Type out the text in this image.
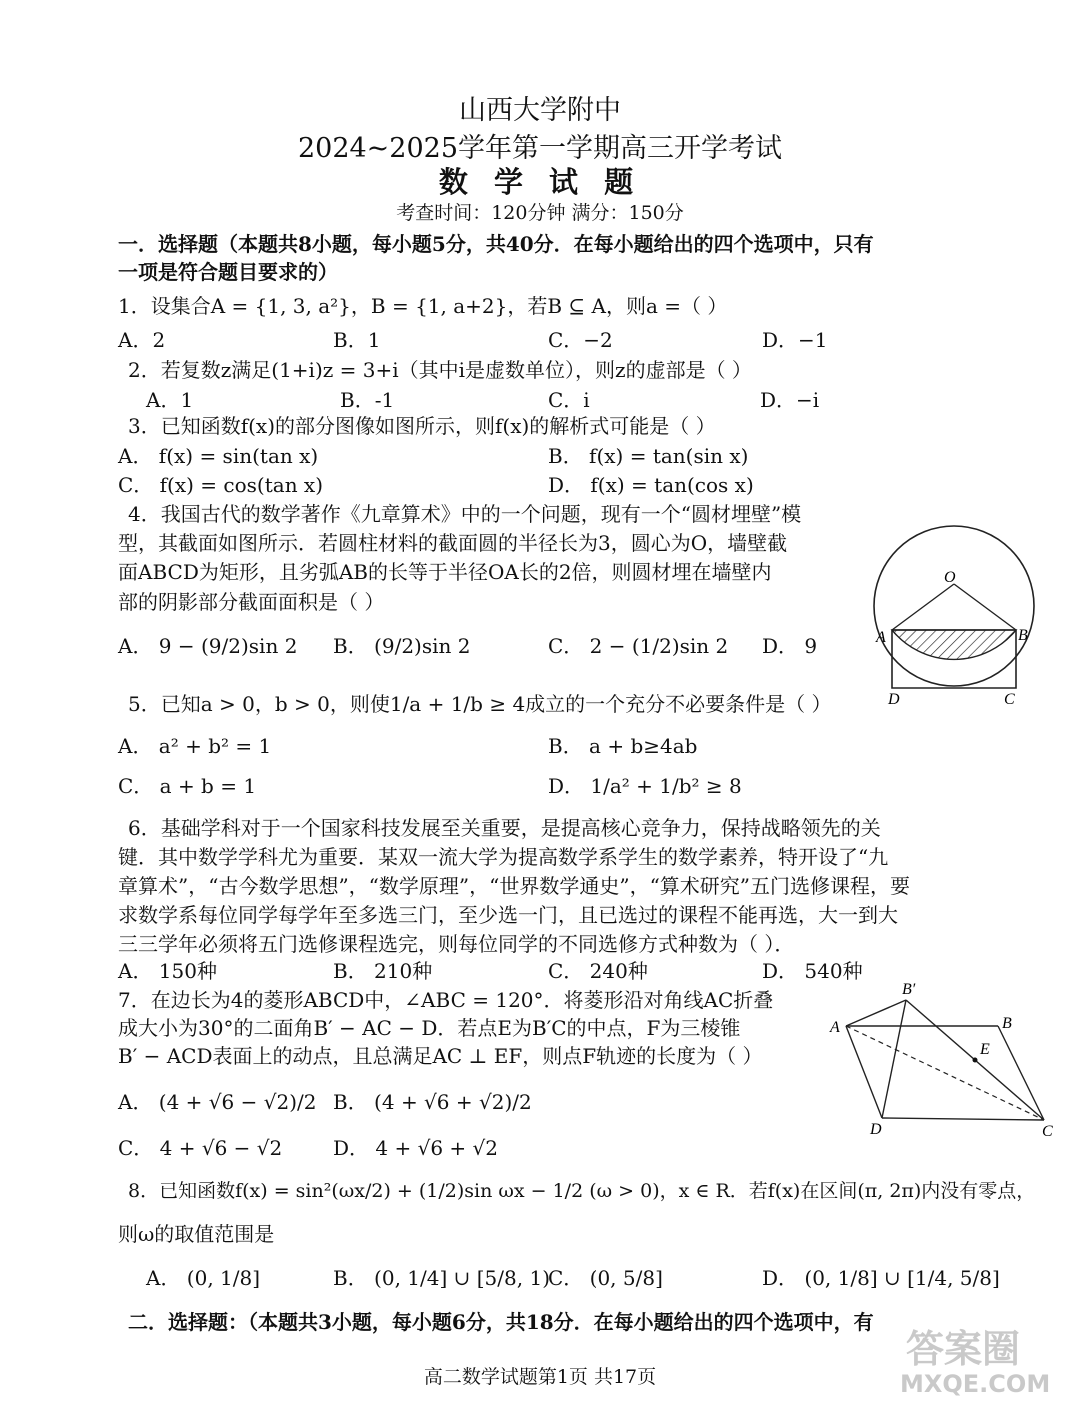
山西大学附中
2024~2025学年第一学期高三开学考试
数 学 试 题
考查时间：120分钟 满分：150分
一．选择题（本题共8小题，每小题5分，共40分．在每小题给出的四个选项中，只有
一项是符合题目要求的）
1．设集合A = {1, 3, a²}，B = {1, a+2}，若B ⊆ A，则a =（ ）
A．2	B．1	C．−2	D．−1
2．若复数z满足(1+i)z = 3+i（其中i是虚数单位），则z的虚部是（ ）
A．1	B．-1	C．i	D．−i
3．已知函数f(x)的部分图像如图所示，则f(x)的解析式可能是（ ）
A． f(x) = sin(tan x)	B． f(x) = tan(sin x)
C． f(x) = cos(tan x)	D． f(x) = tan(cos x)
4．我国古代的数学著作《九章算术》中的一个问题，现有一个“圆材埋壁”模
型，其截面如图所示．若圆柱材料的截面圆的半径长为3，圆心为O，墙壁截
面ABCD为矩形，且劣弧AB的长等于半径OA长的2倍，则圆材埋在墙壁内
部的阴影部分截面面积是（ ）
A． 9 − (9/2)sin 2 B． (9/2)sin 2	C． 2 − (1/2)sin 2 D． 9
O
A	B
D	C
5．已知a > 0，b > 0，则使1/a + 1/b ≥ 4成立的一个充分不必要条件是（ ）
A． a² + b² = 1	B． a + b≥4ab
C． a + b = 1	D． 1/a² + 1/b² ≥ 8
6．基础学科对于一个国家科技发展至关重要，是提高核心竞争力，保持战略领先的关
键．其中数学学科尤为重要．某双一流大学为提高数学系学生的数学素养，特开设了“九
章算术”，“古今数学思想”，“数学原理”，“世界数学通史”，“算术研究”五门选修课程，要
求数学系每位同学每学年至多选三门，至少选一门，且已选过的课程不能再选，大一到大
三三学年必须将五门选修课程选完，则每位同学的不同选修方式种数为（ ）．
A． 150种	B． 210种	C． 240种	D． 540种
7．在边长为4的菱形ABCD中，∠ABC = 120°．将菱形沿对角线AC折叠
成大小为30°的二面角B′ − AC − D．若点E为B′C的中点，F为三棱锥
B′ − ACD表面上的动点，且总满足AC ⊥ EF，则点F轨迹的长度为（ ）
A． (4 + √6 − √2)/2 B． (4 + √6 + √2)/2
C． 4 + √6 − √2	D． 4 + √6 + √2
B′
A	B
E
D	C
8．已知函数f(x) = sin²(ωx/2) + (1/2)sin ωx − 1/2 (ω > 0)，x ∈ R．若f(x)在区间(π, 2π)内没有零点，
则ω的取值范围是
A． (0, 1/8]	B． (0, 1/4] ∪ [5/8, 1)
C． (0, 5/8]	D． (0, 1/8] ∪ [1/4, 5/8]
二．选择题：（本题共3小题，每小题6分，共18分．在每小题给出的四个选项中，有
高二数学试题第1页 共17页
答案圈
MXQE.COM
